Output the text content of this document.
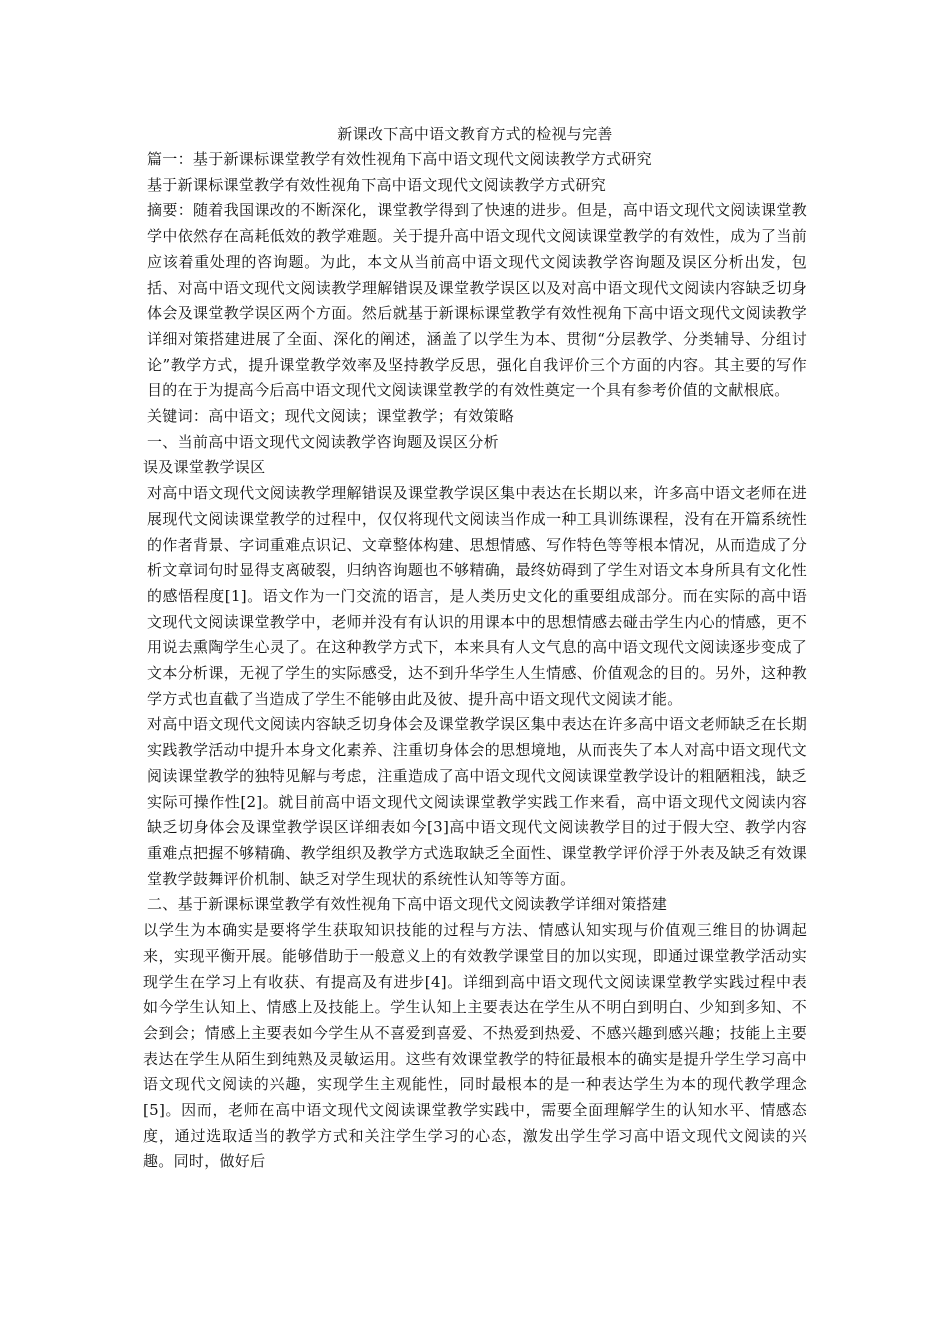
新课改下高中语文教育方式的检视与完善

篇一：基于新课标课堂教学有效性视角下高中语文现代文阅读教学方式研究

基于新课标课堂教学有效性视角下高中语文现代文阅读教学方式研究

摘要：随着我国课改的不断深化，课堂教学得到了快速的进步。但是，高中语文现代文阅读课堂教学中依然存在高耗低效的教学难题。关于提升高中语文现代文阅读课堂教学的有效性，成为了当前应该着重处理的咨询题。为此，本文从当前高中语文现代文阅读教学咨询题及误区分析出发，包括、对高中语文现代文阅读教学理解错误及课堂教学误区以及对高中语文现代文阅读内容缺乏切身体会及课堂教学误区两个方面。然后就基于新课标课堂教学有效性视角下高中语文现代文阅读教学详细对策搭建进展了全面、深化的阐述，涵盖了以学生为本、贯彻“分层教学、分类辅导、分组讨论”教学方式，提升课堂教学效率及坚持教学反思，强化自我评价三个方面的内容。其主要的写作目的在于为提高今后高中语文现代文阅读课堂教学的有效性奠定一个具有参考价值的文献根底。

关键词：高中语文；现代文阅读；课堂教学；有效策略

一、当前高中语文现代文阅读教学咨询题及误区分析

误及课堂教学误区

对高中语文现代文阅读教学理解错误及课堂教学误区集中表达在长期以来，许多高中语文老师在进展现代文阅读课堂教学的过程中，仅仅将现代文阅读当作成一种工具训练课程，没有在开篇系统性的作者背景、字词重难点识记、文章整体构建、思想情感、写作特色等等根本情况，从而造成了分析文章词句时显得支离破裂，归纳咨询题也不够精确，最终妨碍到了学生对语文本身所具有文化性的感悟程度[1]。语文作为一门交流的语言，是人类历史文化的重要组成部分。而在实际的高中语文现代文阅读课堂教学中，老师并没有有认识的用课本中的思想情感去碰击学生内心的情感，更不用说去熏陶学生心灵了。在这种教学方式下，本来具有人文气息的高中语文现代文阅读逐步变成了文本分析课，无视了学生的实际感受，达不到升华学生人生情感、价值观念的目的。另外，这种教学方式也直截了当造成了学生不能够由此及彼、提升高中语文现代文阅读才能。

对高中语文现代文阅读内容缺乏切身体会及课堂教学误区集中表达在许多高中语文老师缺乏在长期实践教学活动中提升本身文化素养、注重切身体会的思想境地，从而丧失了本人对高中语文现代文阅读课堂教学的独特见解与考虑，注重造成了高中语文现代文阅读课堂教学设计的粗陋粗浅，缺乏实际可操作性[2]。就目前高中语文现代文阅读课堂教学实践工作来看，高中语文现代文阅读内容缺乏切身体会及课堂教学误区详细表如今[3]高中语文现代文阅读教学目的过于假大空、教学内容重难点把握不够精确、教学组织及教学方式选取缺乏全面性、课堂教学评价浮于外表及缺乏有效课堂教学鼓舞评价机制、缺乏对学生现状的系统性认知等等方面。

二、基于新课标课堂教学有效性视角下高中语文现代文阅读教学详细对策搭建

以学生为本确实是要将学生获取知识技能的过程与方法、情感认知实现与价值观三维目的协调起来，实现平衡开展。能够借助于一般意义上的有效教学课堂目的加以实现，即通过课堂教学活动实现学生在学习上有收获、有提高及有进步[4]。详细到高中语文现代文阅读课堂教学实践过程中表如今学生认知上、情感上及技能上。学生认知上主要表达在学生从不明白到明白、少知到多知、不会到会；情感上主要表如今学生从不喜爱到喜爱、不热爱到热爱、不感兴趣到感兴趣；技能上主要表达在学生从陌生到纯熟及灵敏运用。这些有效课堂教学的特征最根本的确实是提升学生学习高中语文现代文阅读的兴趣，实现学生主观能性，同时最根本的是一种表达学生为本的现代教学理念[5]。因而，老师在高中语文现代文阅读课堂教学实践中，需要全面理解学生的认知水平、情感态度，通过选取适当的教学方式和关注学生学习的心态，激发出学生学习高中语文现代文阅读的兴趣。同时，做好后
